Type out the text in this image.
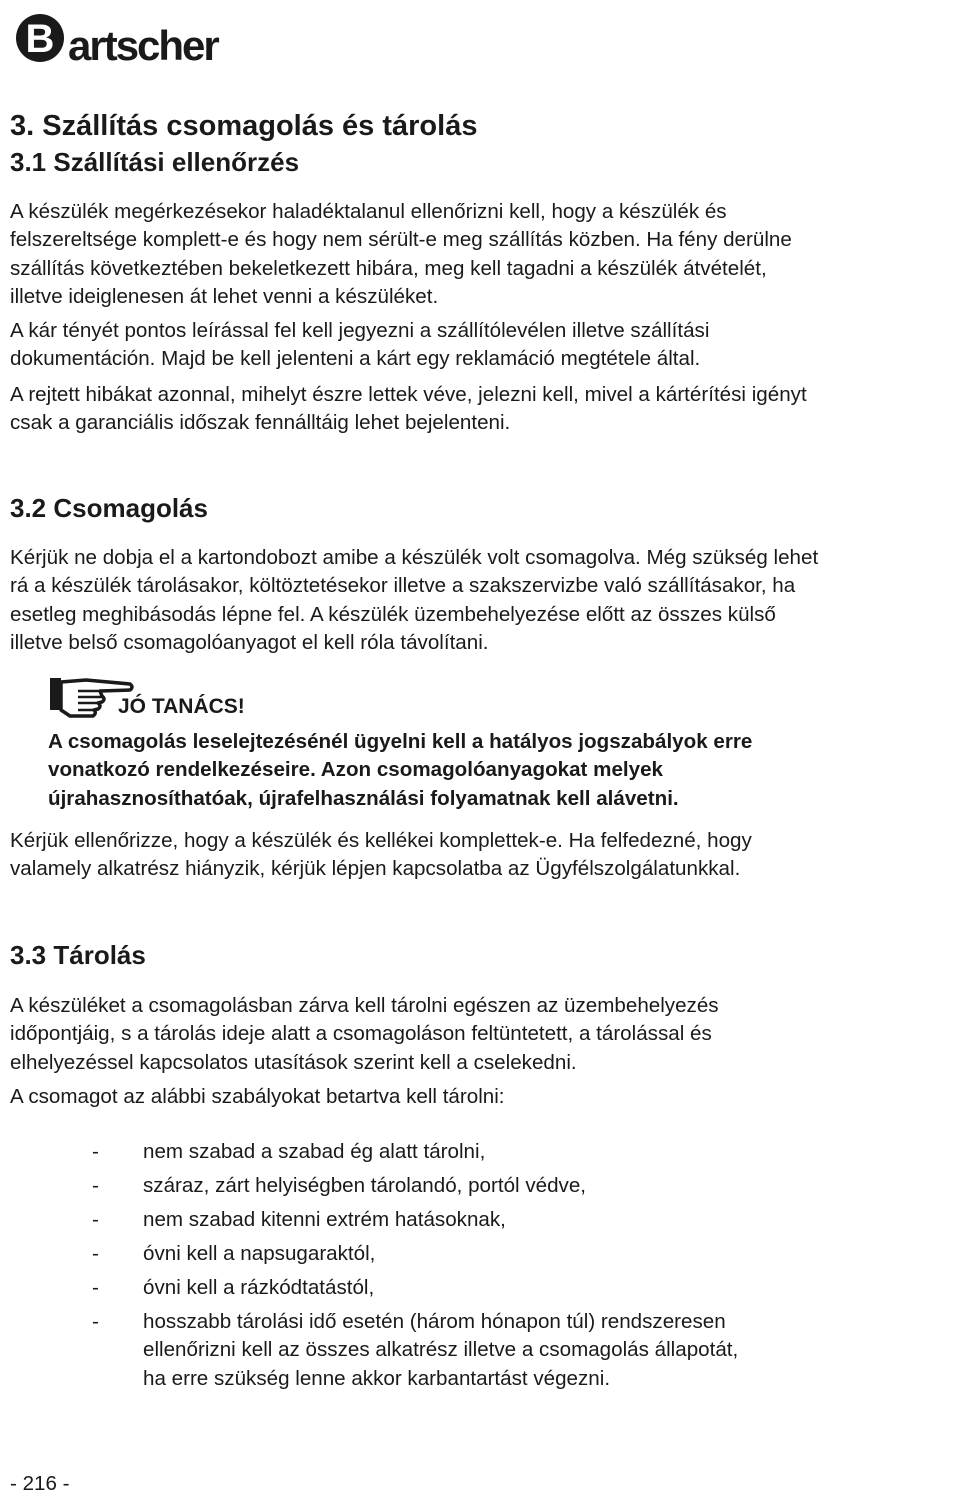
B artscher
3. Szállítás csomagolás és tárolás
3.1 Szállítási ellenőrzés

A készülék megérkezésekor haladéktalanul ellenőrizni kell, hogy a készülék és
felszereltsége komplett-e és hogy nem sérült-e meg szállítás közben. Ha fény derülne
szállítás következtében bekeletkezett hibára, meg kell tagadni a készülék átvételét,
illetve ideiglenesen át lehet venni a készüléket.

A kár tényét pontos leírással fel kell jegyezni a szállítólevélen illetve szállítási
dokumentáción. Majd be kell jelenteni a kárt egy reklamáció megtétele által.

A rejtett hibákat azonnal, mihelyt észre lettek véve, jelezni kell, mivel a kártérítési igényt
csak a garanciális időszak fennálltáig lehet bejelenteni.

3.2 Csomagolás

Kérjük ne dobja el a kartondobozt amibe a készülék volt csomagolva. Még szükség lehet
rá a készülék tárolásakor, költöztetésekor illetve a szakszervizbe való szállításakor, ha
esetleg meghibásodás lépne fel. A készülék üzembehelyezése előtt az összes külső
illetve belső csomagolóanyagot el kell róla távolítani.

JÓ TANÁCS!

A csomagolás leselejtezésénél ügyelni kell a hatályos jogszabályok erre
vonatkozó rendelkezéseire. Azon csomagolóanyagokat melyek
újrahasznosíthatóak, újrafelhasználási folyamatnak kell alávetni.

Kérjük ellenőrizze, hogy a készülék és kellékei komplettek-e. Ha felfedezné, hogy
valamely alkatrész hiányzik, kérjük lépjen kapcsolatba az Ügyfélszolgálatunkkal.

3.3 Tárolás

A készüléket a csomagolásban zárva kell tárolni egészen az üzembehelyezés
időpontjáig, s a tárolás ideje alatt a csomagoláson feltüntetett, a tárolással és
elhelyezéssel kapcsolatos utasítások szerint kell a cselekedni.

A csomagot az alábbi szabályokat betartva kell tárolni:

- nem szabad a szabad ég alatt tárolni,
- száraz, zárt helyiségben tárolandó, portól védve,
- nem szabad kitenni extrém hatásoknak,
- óvni kell a napsugaraktól,
- óvni kell a rázkódtatástól,
- hosszabb tárolási idő esetén (három hónapon túl) rendszeresen
ellenőrizni kell az összes alkatrész illetve a csomagolás állapotát,
ha erre szükség lenne akkor karbantartást végezni.
- 216 -
